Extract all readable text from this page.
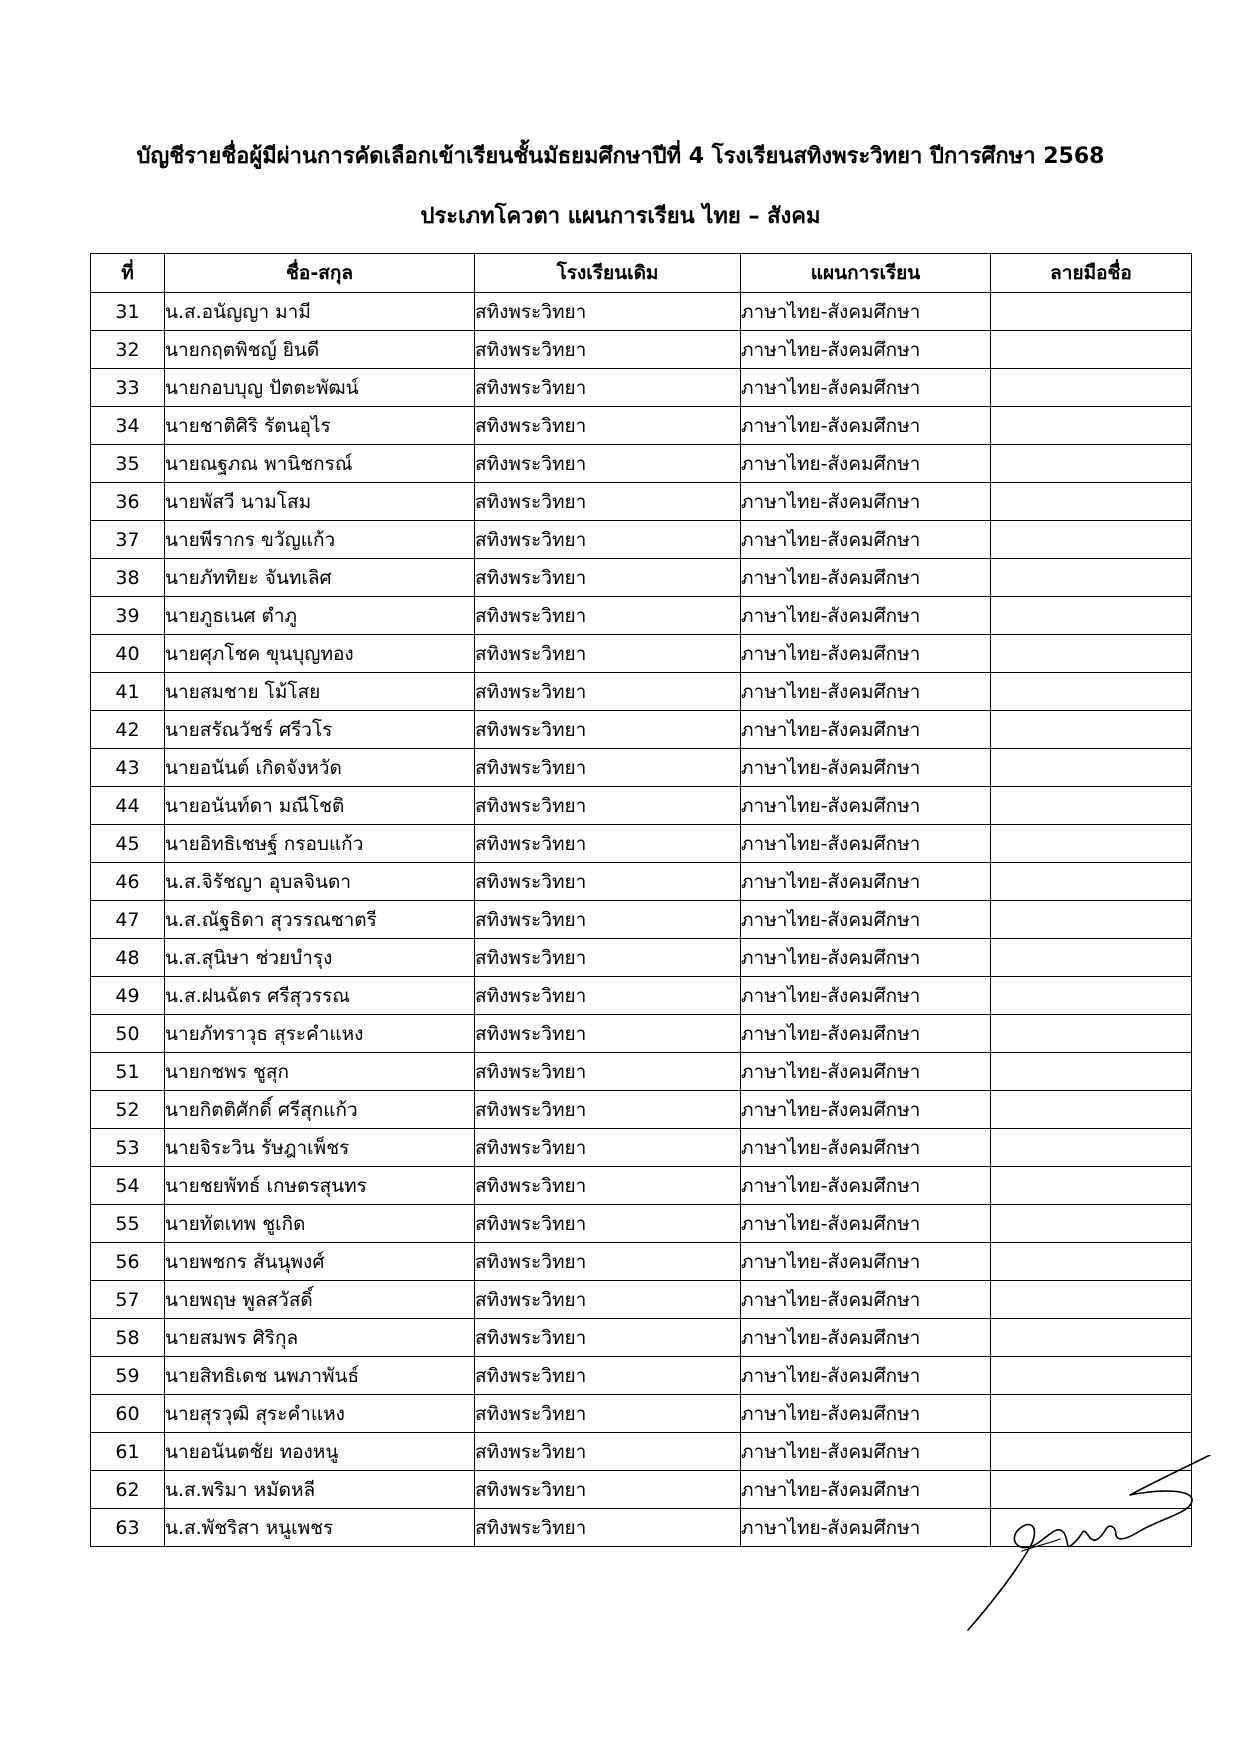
บัญชีรายชื่อผู้มีผ่านการคัดเลือกเข้าเรียนชั้นมัธยมศึกษาปีที่ 4 โรงเรียนสทิงพระวิทยา ปีการศึกษา 2568
ประเภทโควตา แผนการเรียน ไทย – สังคม
ที่	ชื่อ-สกุล	โรงเรียนเดิม	แผนการเรียน	ลายมือชื่อ
31	น.ส.อนัญญา มามี	สทิงพระวิทยา	ภาษาไทย-สังคมศึกษา	
32	นายกฤตพิชญ์ ยินดี	สทิงพระวิทยา	ภาษาไทย-สังคมศึกษา	
33	นายกอบบุญ ปัตตะพัฒน์	สทิงพระวิทยา	ภาษาไทย-สังคมศึกษา	
34	นายชาติศิริ รัตนอุไร	สทิงพระวิทยา	ภาษาไทย-สังคมศึกษา	
35	นายณฐภณ พานิชกรณ์	สทิงพระวิทยา	ภาษาไทย-สังคมศึกษา	
36	นายพัสวี นามโสม	สทิงพระวิทยา	ภาษาไทย-สังคมศึกษา	
37	นายพีรากร ขวัญแก้ว	สทิงพระวิทยา	ภาษาไทย-สังคมศึกษา	
38	นายภัททิยะ จันทเลิศ	สทิงพระวิทยา	ภาษาไทย-สังคมศึกษา	
39	นายภูธเนศ ตำภู	สทิงพระวิทยา	ภาษาไทย-สังคมศึกษา	
40	นายศุภโชค ขุนบุญทอง	สทิงพระวิทยา	ภาษาไทย-สังคมศึกษา	
41	นายสมชาย โม้โสย	สทิงพระวิทยา	ภาษาไทย-สังคมศึกษา	
42	นายสรัณวัชร์ ศรีวโร	สทิงพระวิทยา	ภาษาไทย-สังคมศึกษา	
43	นายอนันต์ เกิดจังหวัด	สทิงพระวิทยา	ภาษาไทย-สังคมศึกษา	
44	นายอนันท์ดา มณีโชติ	สทิงพระวิทยา	ภาษาไทย-สังคมศึกษา	
45	นายอิทธิเชษฐ์ กรอบแก้ว	สทิงพระวิทยา	ภาษาไทย-สังคมศึกษา	
46	น.ส.จิรัชญา อุบลจินดา	สทิงพระวิทยา	ภาษาไทย-สังคมศึกษา	
47	น.ส.ณัฐธิดา สุวรรณชาตรี	สทิงพระวิทยา	ภาษาไทย-สังคมศึกษา	
48	น.ส.สุนิษา ช่วยบำรุง	สทิงพระวิทยา	ภาษาไทย-สังคมศึกษา	
49	น.ส.ฝนฉัตร ศรีสุวรรณ	สทิงพระวิทยา	ภาษาไทย-สังคมศึกษา	
50	นายภัทราวุธ สุระคำแหง	สทิงพระวิทยา	ภาษาไทย-สังคมศึกษา	
51	นายกชพร ชูสุก	สทิงพระวิทยา	ภาษาไทย-สังคมศึกษา	
52	นายกิตติศักดิ์ ศรีสุกแก้ว	สทิงพระวิทยา	ภาษาไทย-สังคมศึกษา	
53	นายจิระวิน รัษฎาเพ็ชร	สทิงพระวิทยา	ภาษาไทย-สังคมศึกษา	
54	นายชยพัทธ์ เกษตรสุนทร	สทิงพระวิทยา	ภาษาไทย-สังคมศึกษา	
55	นายทัตเทพ ชูเกิด	สทิงพระวิทยา	ภาษาไทย-สังคมศึกษา	
56	นายพชกร สันนุพงศ์	สทิงพระวิทยา	ภาษาไทย-สังคมศึกษา	
57	นายพฤษ พูลสวัสดิ์	สทิงพระวิทยา	ภาษาไทย-สังคมศึกษา	
58	นายสมพร ศิริกุล	สทิงพระวิทยา	ภาษาไทย-สังคมศึกษา	
59	นายสิทธิเดช นพภาพันธ์	สทิงพระวิทยา	ภาษาไทย-สังคมศึกษา	
60	นายสุรวุฒิ สุระคำแหง	สทิงพระวิทยา	ภาษาไทย-สังคมศึกษา	
61	นายอนันตชัย ทองหนู	สทิงพระวิทยา	ภาษาไทย-สังคมศึกษา	
62	น.ส.พริมา หมัดหลี	สทิงพระวิทยา	ภาษาไทย-สังคมศึกษา	
63	น.ส.พัชริสา หนูเพชร	สทิงพระวิทยา	ภาษาไทย-สังคมศึกษา	
